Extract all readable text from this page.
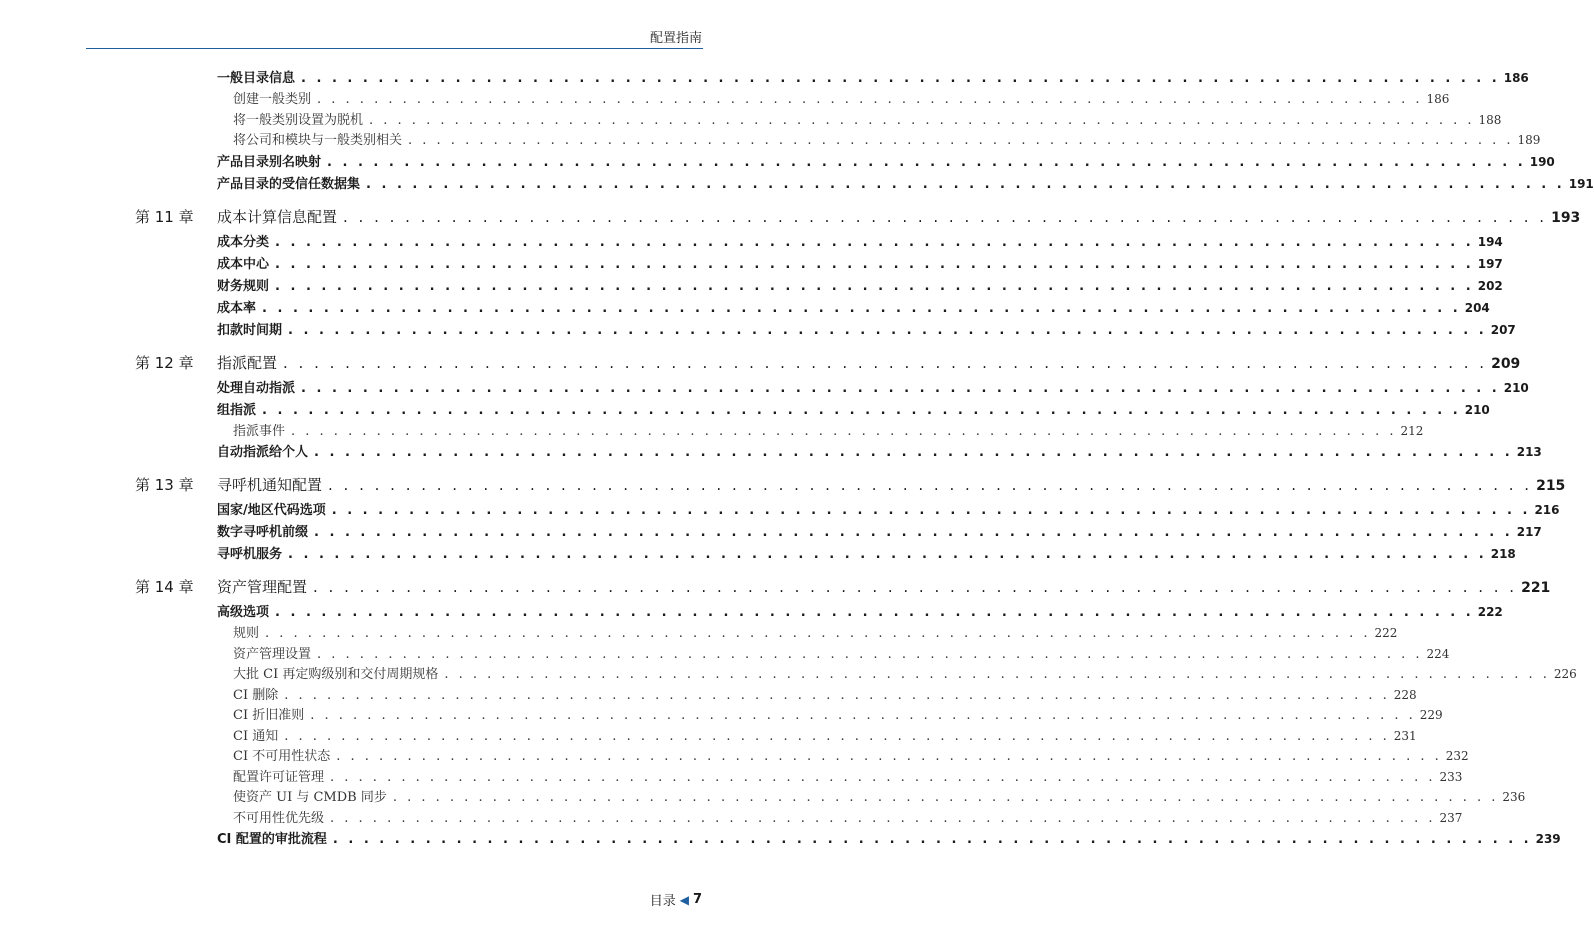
配置指南
一般目录信息 . . . . . . . . . . . . . . . . . . . . . . . . . . . . . . . . . . . . . . . . . . . . . . . . . . . . . . . . . . . . . . . . . . . . . . . . . . . . . . 186
创建一般类别 . . . . . . . . . . . . . . . . . . . . . . . . . . . . . . . . . . . . . . . . . . . . . . . . . . . . . . . . . . . . . . . . . . . . . . . . . . . . . . 186
将一般类别设置为脱机 . . . . . . . . . . . . . . . . . . . . . . . . . . . . . . . . . . . . . . . . . . . . . . . . . . . . . . . . . . . . . . . . . . . . . . . . . . . . . . 188
将公司和模块与一般类别相关 . . . . . . . . . . . . . . . . . . . . . . . . . . . . . . . . . . . . . . . . . . . . . . . . . . . . . . . . . . . . . . . . . . . . . . . . . . . . . . 189
产品目录别名映射 . . . . . . . . . . . . . . . . . . . . . . . . . . . . . . . . . . . . . . . . . . . . . . . . . . . . . . . . . . . . . . . . . . . . . . . . . . . . . . 190
产品目录的受信任数据集 . . . . . . . . . . . . . . . . . . . . . . . . . . . . . . . . . . . . . . . . . . . . . . . . . . . . . . . . . . . . . . . . . . . . . . . . . . . . . . 191
第 11 章 成本计算信息配置 . . . . . . . . . . . . . . . . . . . . . . . . . . . . . . . . . . . . . . . . . . . . . . . . . . . . . . . . . . . . . . . . . . . . . . . . . . . . . . 193
成本分类 . . . . . . . . . . . . . . . . . . . . . . . . . . . . . . . . . . . . . . . . . . . . . . . . . . . . . . . . . . . . . . . . . . . . . . . . . . . . . . 194
成本中心 . . . . . . . . . . . . . . . . . . . . . . . . . . . . . . . . . . . . . . . . . . . . . . . . . . . . . . . . . . . . . . . . . . . . . . . . . . . . . . 197
财务规则 . . . . . . . . . . . . . . . . . . . . . . . . . . . . . . . . . . . . . . . . . . . . . . . . . . . . . . . . . . . . . . . . . . . . . . . . . . . . . . 202
成本率 . . . . . . . . . . . . . . . . . . . . . . . . . . . . . . . . . . . . . . . . . . . . . . . . . . . . . . . . . . . . . . . . . . . . . . . . . . . . . . 204
扣款时间期 . . . . . . . . . . . . . . . . . . . . . . . . . . . . . . . . . . . . . . . . . . . . . . . . . . . . . . . . . . . . . . . . . . . . . . . . . . . . . . 207
第 12 章 指派配置 . . . . . . . . . . . . . . . . . . . . . . . . . . . . . . . . . . . . . . . . . . . . . . . . . . . . . . . . . . . . . . . . . . . . . . . . . . . . . . 209
处理自动指派 . . . . . . . . . . . . . . . . . . . . . . . . . . . . . . . . . . . . . . . . . . . . . . . . . . . . . . . . . . . . . . . . . . . . . . . . . . . . . . 210
组指派 . . . . . . . . . . . . . . . . . . . . . . . . . . . . . . . . . . . . . . . . . . . . . . . . . . . . . . . . . . . . . . . . . . . . . . . . . . . . . . 210
指派事件 . . . . . . . . . . . . . . . . . . . . . . . . . . . . . . . . . . . . . . . . . . . . . . . . . . . . . . . . . . . . . . . . . . . . . . . . . . . . . . 212
自动指派给个人 . . . . . . . . . . . . . . . . . . . . . . . . . . . . . . . . . . . . . . . . . . . . . . . . . . . . . . . . . . . . . . . . . . . . . . . . . . . . . . 213
第 13 章 寻呼机通知配置 . . . . . . . . . . . . . . . . . . . . . . . . . . . . . . . . . . . . . . . . . . . . . . . . . . . . . . . . . . . . . . . . . . . . . . . . . . . . . . 215
国家/地区代码选项 . . . . . . . . . . . . . . . . . . . . . . . . . . . . . . . . . . . . . . . . . . . . . . . . . . . . . . . . . . . . . . . . . . . . . . . . . . . . . . 216
数字寻呼机前缀 . . . . . . . . . . . . . . . . . . . . . . . . . . . . . . . . . . . . . . . . . . . . . . . . . . . . . . . . . . . . . . . . . . . . . . . . . . . . . . 217
寻呼机服务 . . . . . . . . . . . . . . . . . . . . . . . . . . . . . . . . . . . . . . . . . . . . . . . . . . . . . . . . . . . . . . . . . . . . . . . . . . . . . . 218
第 14 章 资产管理配置 . . . . . . . . . . . . . . . . . . . . . . . . . . . . . . . . . . . . . . . . . . . . . . . . . . . . . . . . . . . . . . . . . . . . . . . . . . . . . . 221
高级选项 . . . . . . . . . . . . . . . . . . . . . . . . . . . . . . . . . . . . . . . . . . . . . . . . . . . . . . . . . . . . . . . . . . . . . . . . . . . . . . 222
规则 . . . . . . . . . . . . . . . . . . . . . . . . . . . . . . . . . . . . . . . . . . . . . . . . . . . . . . . . . . . . . . . . . . . . . . . . . . . . . . 222
资产管理设置 . . . . . . . . . . . . . . . . . . . . . . . . . . . . . . . . . . . . . . . . . . . . . . . . . . . . . . . . . . . . . . . . . . . . . . . . . . . . . . 224
大批 CI 再定购级别和交付周期规格 . . . . . . . . . . . . . . . . . . . . . . . . . . . . . . . . . . . . . . . . . . . . . . . . . . . . . . . . . . . . . . . . . . . . . . . . . . . . . . 226
CI 删除 . . . . . . . . . . . . . . . . . . . . . . . . . . . . . . . . . . . . . . . . . . . . . . . . . . . . . . . . . . . . . . . . . . . . . . . . . . . . . . 228
CI 折旧准则 . . . . . . . . . . . . . . . . . . . . . . . . . . . . . . . . . . . . . . . . . . . . . . . . . . . . . . . . . . . . . . . . . . . . . . . . . . . . . . 229
CI 通知 . . . . . . . . . . . . . . . . . . . . . . . . . . . . . . . . . . . . . . . . . . . . . . . . . . . . . . . . . . . . . . . . . . . . . . . . . . . . . . 231
CI 不可用性状态 . . . . . . . . . . . . . . . . . . . . . . . . . . . . . . . . . . . . . . . . . . . . . . . . . . . . . . . . . . . . . . . . . . . . . . . . . . . . . . 232
配置许可证管理 . . . . . . . . . . . . . . . . . . . . . . . . . . . . . . . . . . . . . . . . . . . . . . . . . . . . . . . . . . . . . . . . . . . . . . . . . . . . . . 233
使资产 UI 与 CMDB 同步 . . . . . . . . . . . . . . . . . . . . . . . . . . . . . . . . . . . . . . . . . . . . . . . . . . . . . . . . . . . . . . . . . . . . . . . . . . . . . . 236
不可用性优先级 . . . . . . . . . . . . . . . . . . . . . . . . . . . . . . . . . . . . . . . . . . . . . . . . . . . . . . . . . . . . . . . . . . . . . . . . . . . . . . 237
CI 配置的审批流程 . . . . . . . . . . . . . . . . . . . . . . . . . . . . . . . . . . . . . . . . . . . . . . . . . . . . . . . . . . . . . . . . . . . . . . . . . . . . . . 239
目录 ◀ 7
